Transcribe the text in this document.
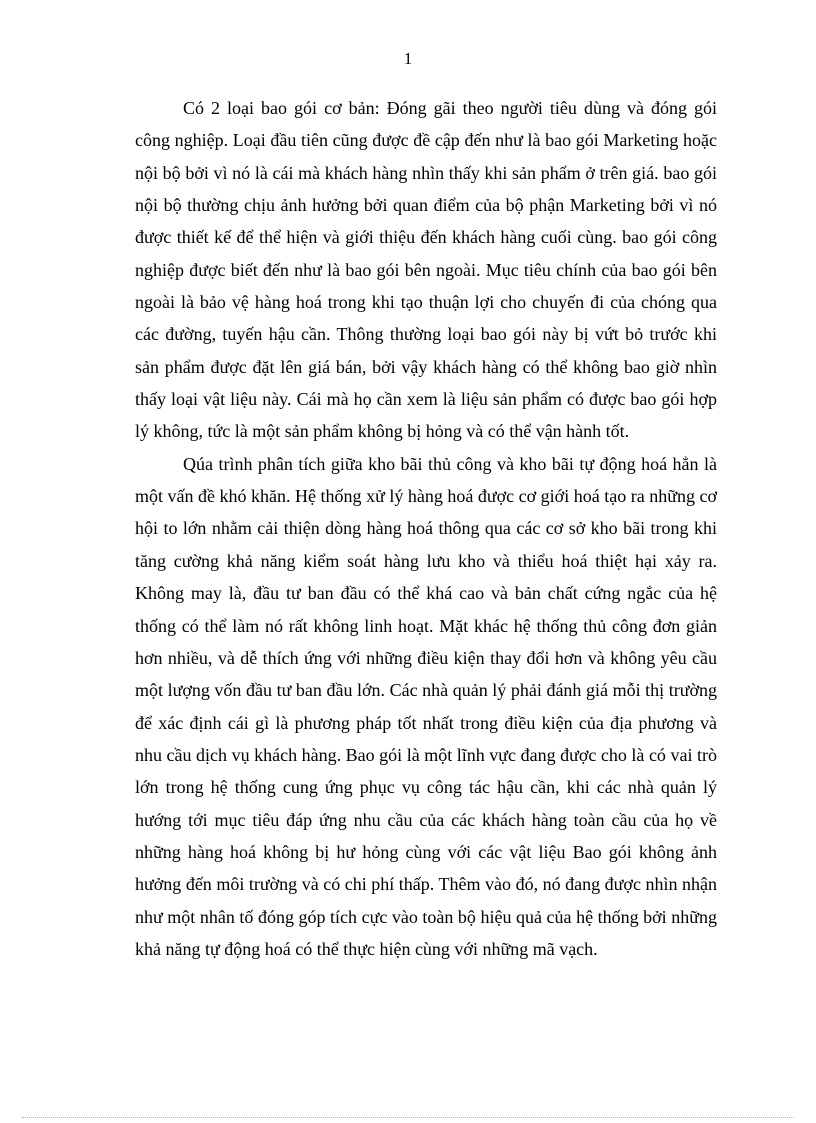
1

Có 2 loại bao gói cơ bản: Đóng gãi theo người tiêu dùng và đóng gói công nghiệp. Loại đầu tiên cũng được đề cập đến như là bao gói Marketing hoặc nội bộ bởi vì nó là cái mà khách hàng nhìn thấy khi sản phẩm ở trên giá. bao gói nội bộ thường chịu ảnh hưởng bởi quan điểm của bộ phận Marketing bởi vì nó được thiết kế để thể hiện và giới thiệu đến khách hàng cuối cùng. bao gói công nghiệp được biết đến như là bao gói bên ngoài. Mục tiêu chính của bao gói bên ngoài là bảo vệ hàng hoá trong khi tạo thuận lợi cho chuyến đi của chóng qua các đường, tuyến hậu cần. Thông thường loại bao gói này bị vứt bỏ trước khi sản phẩm được đặt lên giá bán, bởi vậy khách hàng có thể không bao giờ nhìn thấy loại vật liệu này. Cái mà họ cần xem là liệu sản phẩm có được bao gói hợp lý không, tức là một sản phẩm không bị hỏng và có thể vận hành tốt.

Qúa trình phân tích giữa kho bãi thủ công và kho bãi tự động hoá hẳn là một vấn đề khó khăn. Hệ thống xử lý hàng hoá được cơ giới hoá tạo ra những cơ hội to lớn nhằm cải thiện dòng hàng hoá thông qua các cơ sở kho bãi trong khi tăng cường khả năng kiểm soát hàng lưu kho và thiểu hoá thiệt hại xảy ra. Không may là, đầu tư ban đầu có thể khá cao và bản chất cứng ngắc của hệ thống có thể làm nó rất không linh hoạt. Mặt khác hệ thống thủ công đơn giản hơn nhiều, và dễ thích ứng với những điều kiện thay đổi hơn và không yêu cầu một lượng vốn đầu tư ban đầu lớn. Các nhà quản lý phải đánh giá mỗi thị trường để xác định cái gì là phương pháp tốt nhất trong điều kiện của địa phương và nhu cầu dịch vụ khách hàng. Bao gói là một lĩnh vực đang được cho là có vai trò lớn trong hệ thống cung ứng phục vụ công tác hậu cần, khi các nhà quản lý hướng tới mục tiêu đáp ứng nhu cầu của các khách hàng toàn cầu của họ về những hàng hoá không bị hư hỏng cùng với các vật liệu Bao gói không ảnh hưởng đến môi trường và có chi phí thấp. Thêm vào đó, nó đang được nhìn nhận như một nhân tố đóng góp tích cực vào toàn bộ hiệu quả của hệ thống bởi những khả năng tự động hoá có thể thực hiện cùng với những mã vạch.
